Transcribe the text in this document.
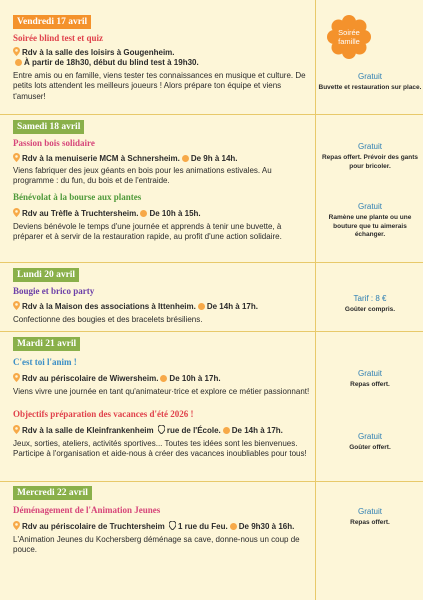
Soirée
famille
Vendredi 17 avril
Soirée blind test et quiz
Rdv à la salle des loisirs à Gougenheim.
À partir de 18h30, début du blind test à 19h30.
Entre amis ou en famille, viens tester tes connaissances en musique et culture. De petits lots attendent les meilleurs joueurs ! Alors prépare ton équipe et viens t'amuser!
Gratuit
Buvette et restauration sur place.
Samedi 18 avril
Passion bois solidaire
Rdv à la menuiserie MCM à Schnersheim. De 9h à 14h.
Viens fabriquer des jeux géants en bois pour les animations estivales. Au programme : du fun, du bois et de l'entraide.
Bénévolat à la bourse aux plantes
Rdv au Trèfle à Truchtersheim. De 10h à 15h.
Deviens bénévole le temps d'une journée et apprends à tenir une buvette, à préparer et à servir de la restauration rapide, au profit d'une action solidaire.
Gratuit
Repas offert. Prévoir des gants pour bricoler.
Gratuit
Ramène une plante ou une bouture que tu aimerais échanger.
Lundi 20 avril
Bougie et brico party
Rdv à la Maison des associations à Ittenheim. De 14h à 17h.
Confectionne des bougies et des bracelets brésiliens.
Tarif : 8 €
Goûter compris.
Mardi 21 avril
C'est toi l'anim !
Rdv au périscolaire de Wiwersheim. De 10h à 17h.
Viens vivre une journée en tant qu'animateur·trice et explore ce métier passionnant!
Objectifs préparation des vacances d'été 2026 !
Rdv à la salle de Kleinfrankenheim rue de l'École. De 14h à 17h.
Jeux, sorties, ateliers, activités sportives... Toutes tes idées sont les bienvenues. Participe à l'organisation et aide-nous à créer des vacances inoubliables pour tous!
Gratuit
Repas offert.
Gratuit
Goûter offert.
Mercredi 22 avril
Déménagement de l'Animation Jeunes
Rdv au périscolaire de Truchtersheim 1 rue du Feu. De 9h30 à 16h.
L'Animation Jeunes du Kochersberg déménage sa cave, donne-nous un coup de pouce.
Gratuit
Repas offert.
